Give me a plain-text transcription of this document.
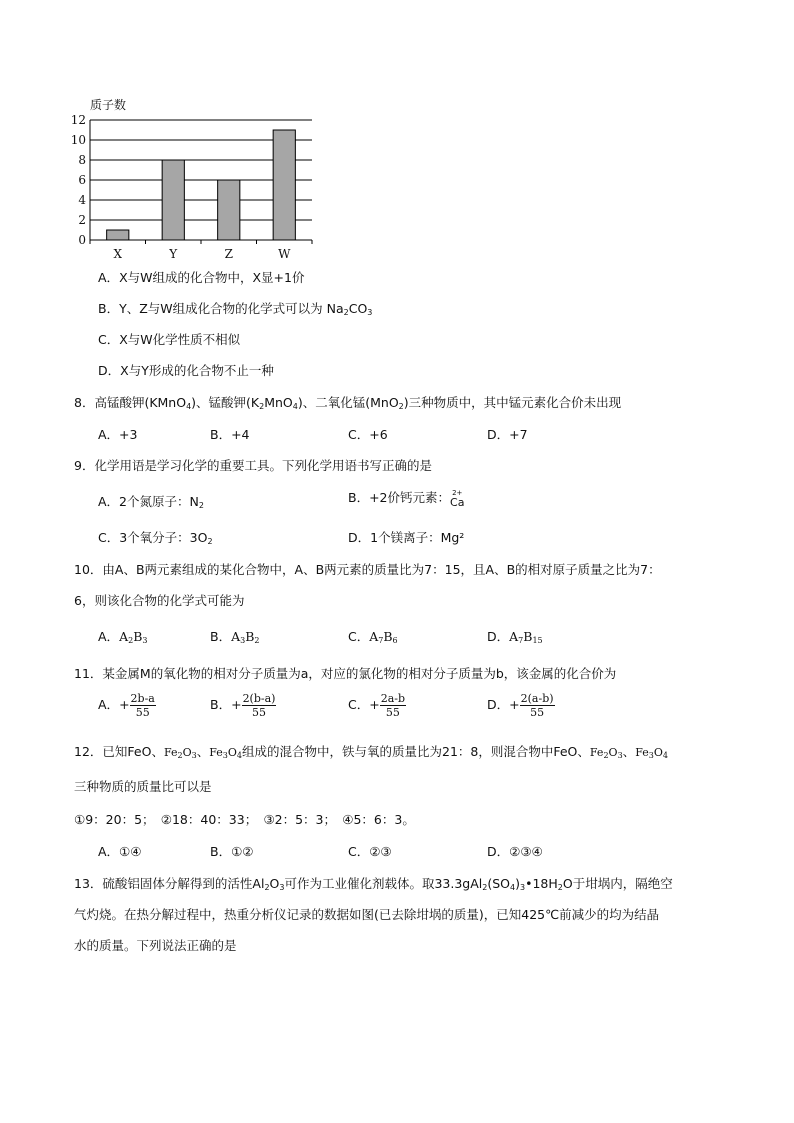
质子数
0
2
4
6
8
10
12
X	Y	Z	W
A．X与W组成的化合物中，X显+1价
B．Y、Z与W组成化合物的化学式可以为 $Na_2CO_3$
C．X与W化学性质不相似
D．X与Y形成的化合物不止一种
8．高锰酸钾(KMnO$_4$)、锰酸钾$(K_2MnO_4)$、二氧化锰(MnO$_2$)三种物质中，其中锰元素化合价未出现
A．+3	B．+4	C．+6	D．+7
9．化学用语是学习化学的重要工具。下列化学用语书写正确的是
A．2个氮原子：$N_2$
B．+2价钙元素： 2+
Ca
C．3个氧分子：$3O_2$	D．1个镁离子：Mg²
10．由A、B两元素组成的某化合物中，A、B两元素的质量比为7：15，且A、B的相对原子质量之比为7：
6，则该化合物的化学式可能为
A．$A_2B_3$	B．$A_3B_2$	C．$A_7B_6$	D．$A_7B_{15}$
11．某金属M的氧化物的相对分子质量为a，对应的氯化物的相对分子质量为b，该金属的化合价为
A．+ $\frac{2b-a}{55}$	B．+ $\frac{2(b-a)}{55}$	C．+ $\frac{2a-b}{55}$	D．+ $\frac{2(a-b)}{55}$
12．已知FeO、$Fe_2O_3$、$Fe_3O_4$组成的混合物中，铁与氧的质量比为21：8，则混合物中FeO、$Fe_2O_3$、$Fe_3O_4$
三种物质的质量比可以是
①9：20：5；　②18：40：33；　③2：5：3；　④5：6：3。
A．①④	B．①②	C．②③	D．②③④
13．硫酸铝固体分解得到的活性$Al_2O_3$可作为工业催化剂载体。取$33.3gAl_2(SO_4)_3•18H_2O$于坩埚内，隔绝空
气灼烧。在热分解过程中，热重分析仪记录的数据如图(已去除坩埚的质量)，已知425℃前减少的均为结晶
水的质量。下列说法正确的是
